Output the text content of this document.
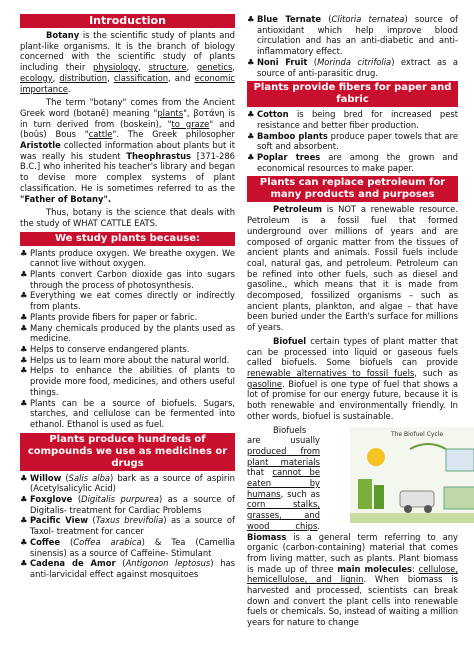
Introduction

Botany is the scientific study of plants and plant-like organisms. It is the branch of biology concerned with the scientific study of plants including their physiology, structure, genetics, ecology, distribution, classification, and economic importance.

The term "botany" comes from the Ancient Greek word (botanē) meaning "plants", βοτάνη is in turn derived from (boskein), "to graze" and (boûs) Bous "cattle". The Greek philosopher Aristotle collected information about plants but it was really his student Theophrastus [371-286 B.C.] who inherited his teacher's library and began to devise more complex systems of plant classification. He is sometimes referred to as the "Father of Botany".

Thus, botany is the science that deals with the study of WHAT CATTLE EATS.

We study plants because:
♣ Plants produce oxygen. We breathe oxygen. We cannot live without oxygen.
♣ Plants convert Carbon dioxide gas into sugars through the process of photosynthesis.
♣ Everything we eat comes directly or indirectly from plants.
♣ Plants provide fibers for paper or fabric.
♣ Many chemicals produced by the plants used as medicine.
♣ Helps to conserve endangered plants.
♣ Helps us to learn more about the natural world.
♣ Helps to enhance the abilities of plants to provide more food, medicines, and others useful things.
♣ Plants can be a source of biofuels. Sugars, starches, and cellulose can be fermented into ethanol. Ethanol is used as fuel.
Plants produce hundreds of compounds we use as medicines or drugs
♣ Willow (Salis alba) bark as a source of aspirin (Acetylsalicylic Acid)
♣ Foxglove (Digitalis purpurea) as a source of Digitalis- treatment for Cardiac Problems
♣ Pacific View (Taxus brevifolia) as a source of Taxol- treatment for cancer
♣ Coffee (Coffea arabica) & Tea (Camellia sinensis) as a source of Caffeine- Stimulant
♣ Cadena de Amor (Antigonon leptosus) has anti-larvicidal effect against mosquitoes
♣ Blue Ternate (Clitoria ternatea) source of antioxidant which help improve blood circulation and has an anti-diabetic and anti-inflammatory effect.
♣ Noni Fruit (Morinda citrifolia) extract as a source of anti-parasitic drug.
Plants provide fibers for paper and fabric
♣ Cotton is being bred for increased pest resistance and better fiber production.
♣ Bamboo plants produce paper towels that are soft and absorbent.
♣ Poplar trees are among the grown and economical resources to make paper.
Plants can replace petroleum for many products and purposes

Petroleum is NOT a renewable resource. Petroleum is a fossil fuel that formed underground over millions of years and are composed of organic matter from the tissues of ancient plants and animals. Fossil fuels include coal, natural gas, and petroleum. Petroleum can be refined into other fuels, such as diesel and gasoline., which means that it is made from decomposed, fossilized organisms – such as ancient plants, plankton, and algae – that have been buried under the Earth's surface for millions of years.

Biofuel certain types of plant matter that can be processed into liquid or gaseous fuels called biofuels. Some biofuels can provide renewable alternatives to fossil fuels, such as gasoline. Biofuel is one type of fuel that shows a lot of promise for our energy future, because it is both renewable and environmentally friendly. In other words, biofuel is sustainable.

The Biofuel Cycle
Biofuels are usually produced from plant materials that cannot be eaten by humans, such as corn stalks, grasses, and wood chips. Biomass is a general term referring to any organic (carbon-containing) material that comes from living matter, such as plants. Plant biomass is made up of three main molecules: cellulose, hemicellulose, and lignin. When biomass is harvested and processed, scientists can break down and convert the plant cells into renewable fuels or chemicals. So, instead of waiting a million years for nature to change
